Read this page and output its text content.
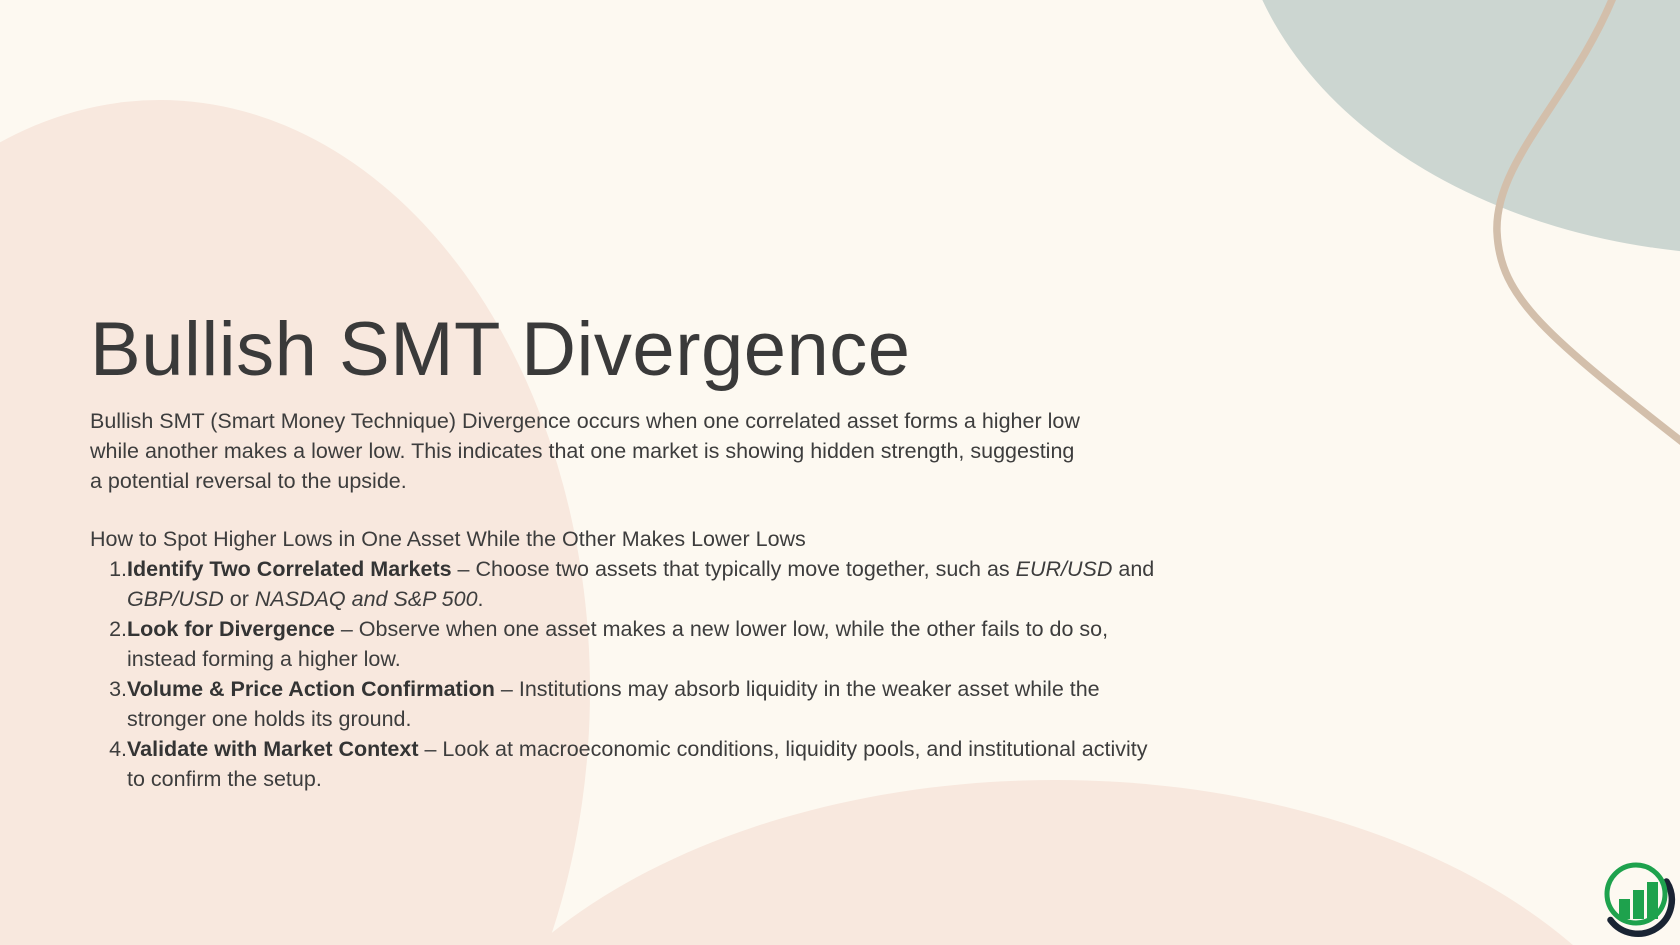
Bullish SMT Divergence

Bullish SMT (Smart Money Technique) Divergence occurs when one correlated asset forms a higher low while another makes a lower low. This indicates that one market is showing hidden strength, suggesting a potential reversal to the upside.

How to Spot Higher Lows in One Asset While the Other Makes Lower Lows

1.Identify Two Correlated Markets – Choose two assets that typically move together, such as EUR/USD and GBP/USD or NASDAQ and S&P 500.
2.Look for Divergence – Observe when one asset makes a new lower low, while the other fails to do so, instead forming a higher low.
3.Volume & Price Action Confirmation – Institutions may absorb liquidity in the weaker asset while the stronger one holds its ground.
4.Validate with Market Context – Look at macroeconomic conditions, liquidity pools, and institutional activity to confirm the setup.
